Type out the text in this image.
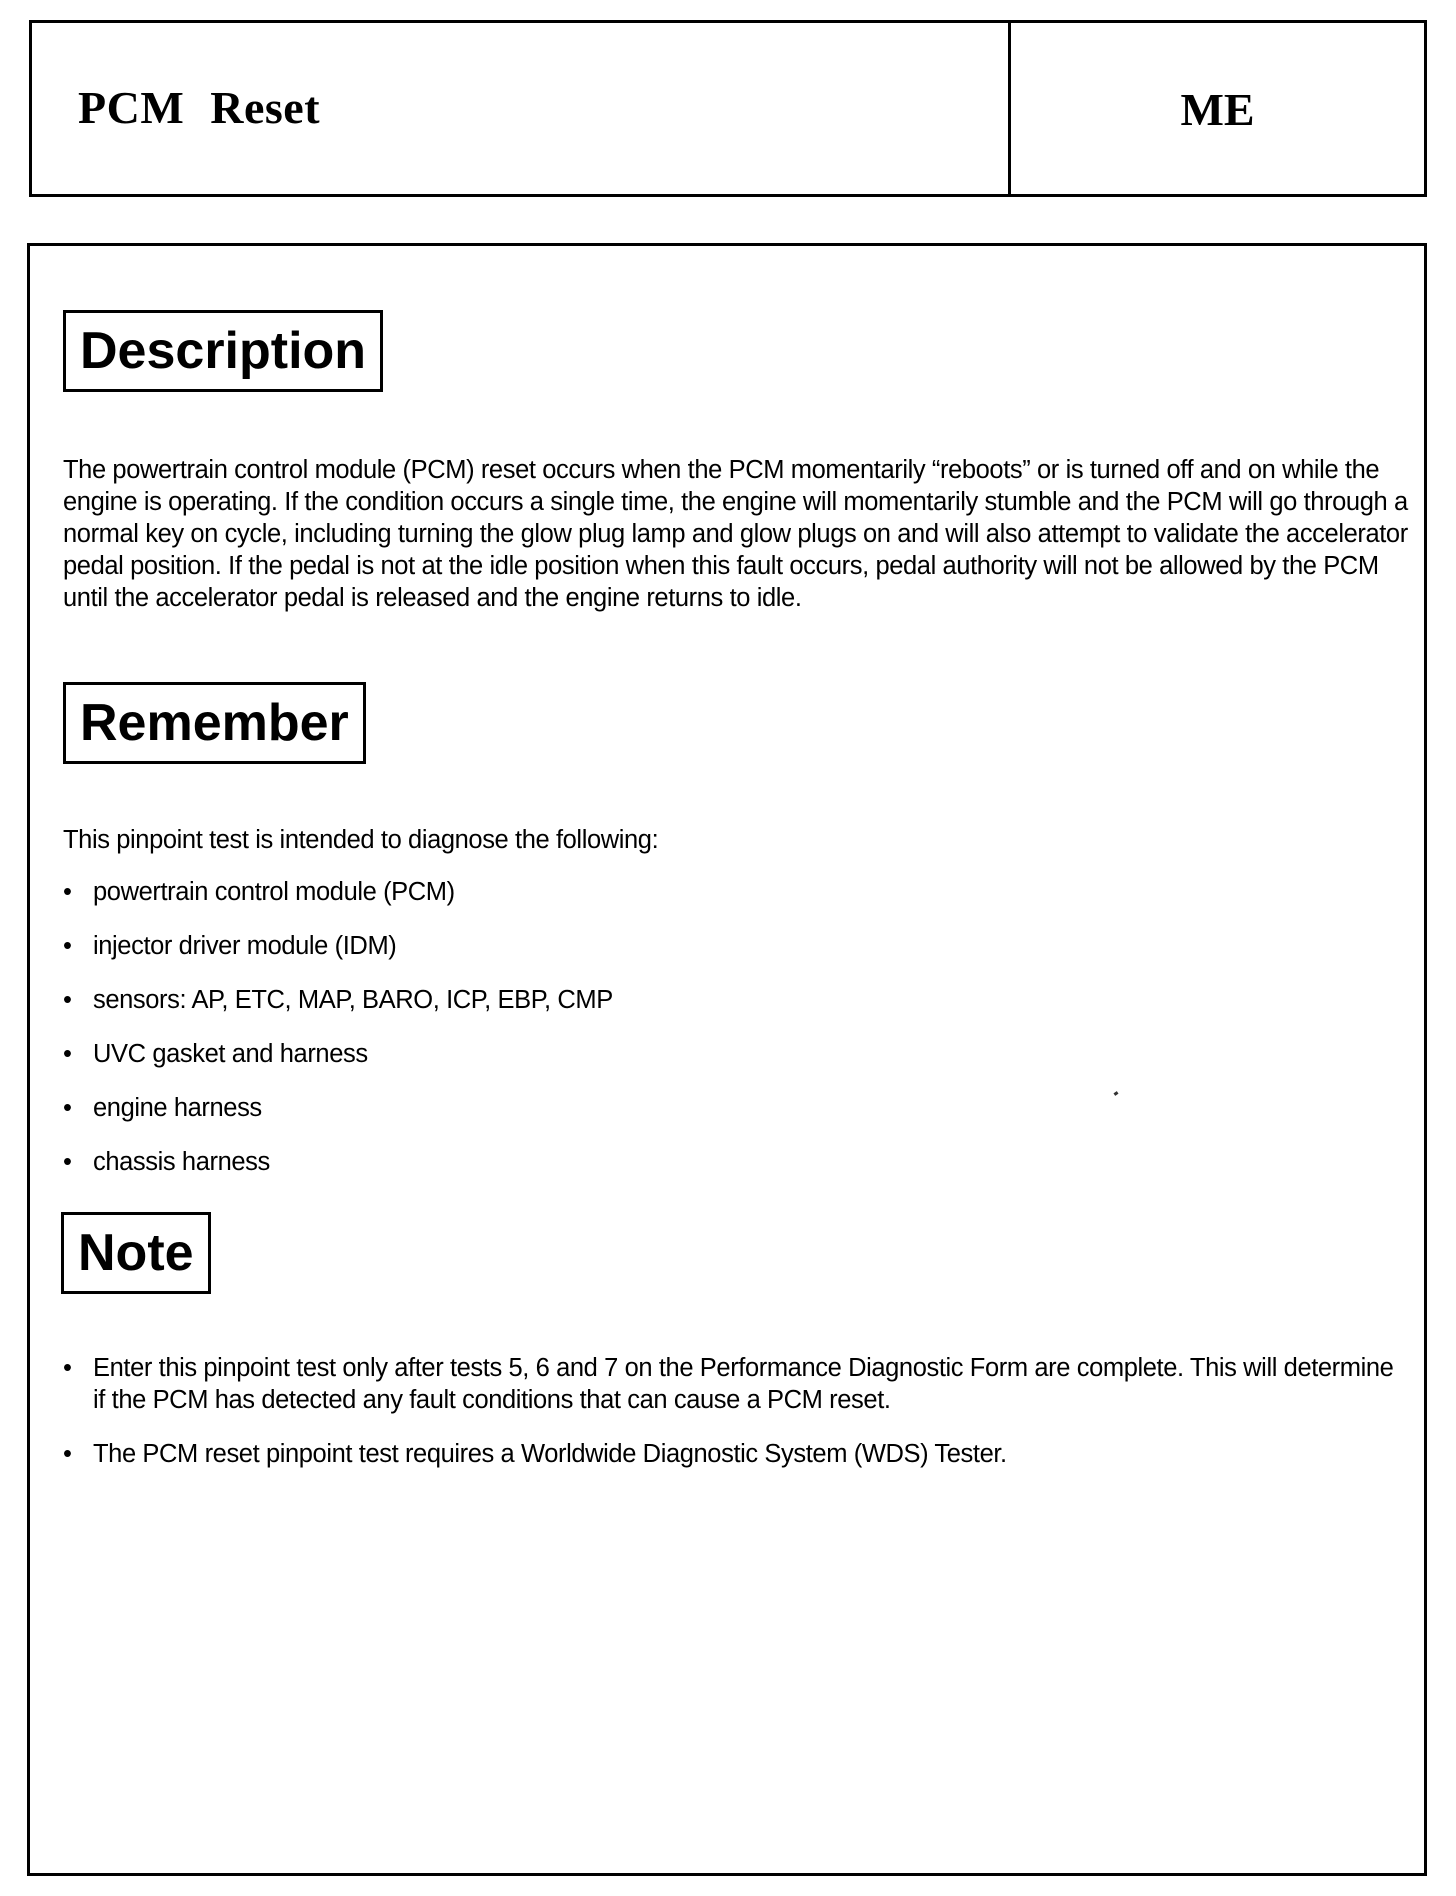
PCM Reset	ME
Description
The powertrain control module (PCM) reset occurs when the PCM momentarily “reboots” or is turned off and on while the engine is operating. If the condition occurs a single time, the engine will momentarily stumble and the PCM will go through a normal key on cycle, including turning the glow plug lamp and glow plugs on and will also attempt to validate the accelerator pedal position. If the pedal is not at the idle position when this fault occurs, pedal authority will not be allowed by the PCM until the accelerator pedal is released and the engine returns to idle.
Remember
This pinpoint test is intended to diagnose the following:
• powertrain control module (PCM)
• injector driver module (IDM)
• sensors: AP, ETC, MAP, BARO, ICP, EBP, CMP
• UVC gasket and harness
• engine harness
• chassis harness
Note
• Enter this pinpoint test only after tests 5, 6 and 7 on the Performance Diagnostic Form are complete. This will determine if the PCM has detected any fault conditions that can cause a PCM reset.
• The PCM reset pinpoint test requires a Worldwide Diagnostic System (WDS) Tester.
